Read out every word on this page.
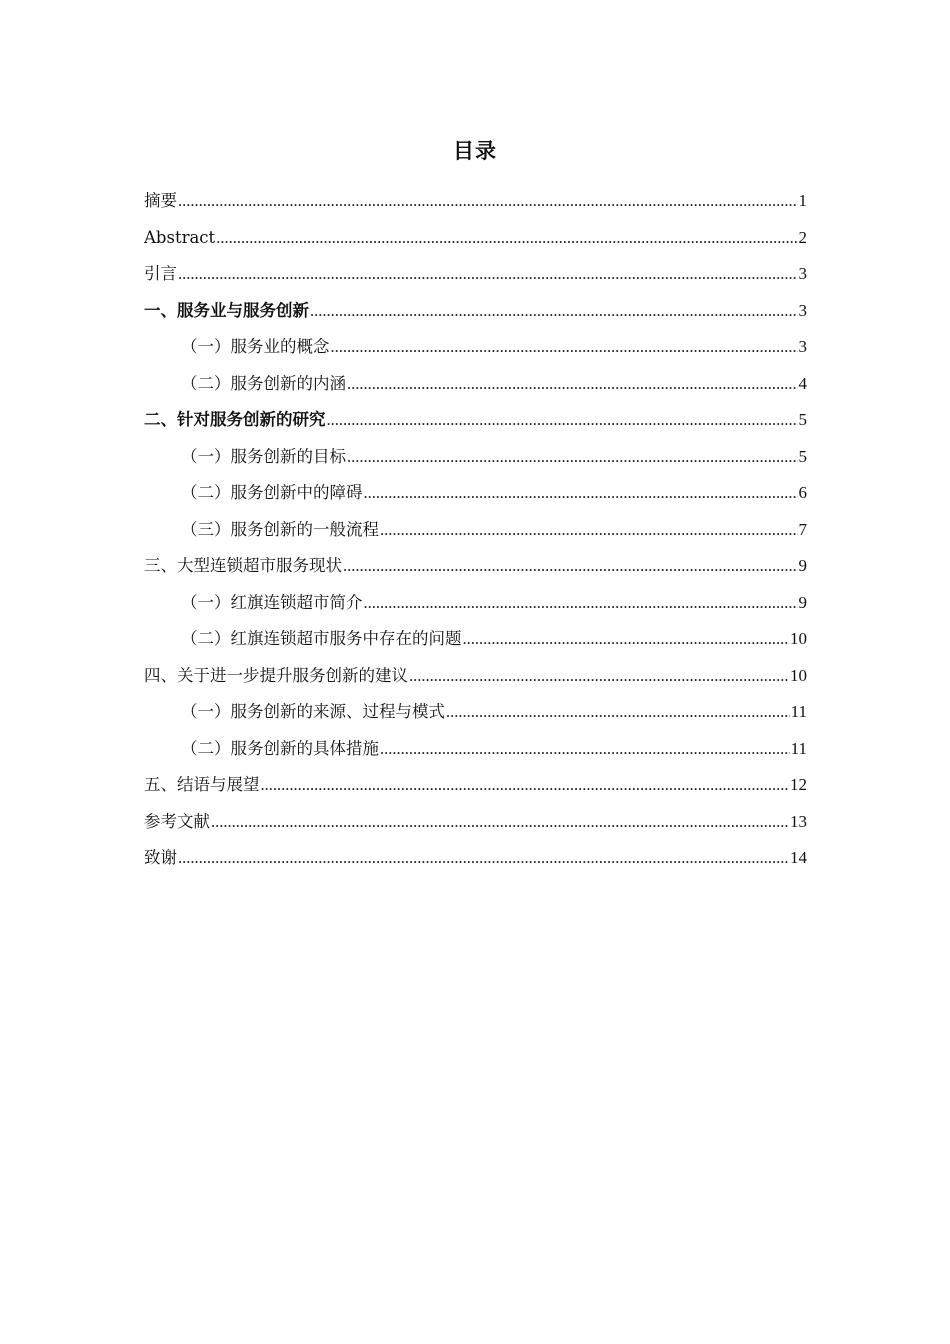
目录
摘要 .....	1
Abstract .....	2
引言 .....	3
一、服务业与服务创新 .....	3
（一）服务业的概念 .....	3
（二）服务创新的内涵 .....	4
二、针对服务创新的研究 .....	5
（一）服务创新的目标 .....	5
（二）服务创新中的障碍 .....	6
（三）服务创新的一般流程 .....	7
三、大型连锁超市服务现状 .....	9
（一）红旗连锁超市简介 .....	9
（二）红旗连锁超市服务中存在的问题 .....	10
四、关于进一步提升服务创新的建议 .....	10
（一）服务创新的来源、过程与模式 .....	11
（二）服务创新的具体措施 .....	11
五、结语与展望 .....	12
参考文献 .....	13
致谢 .....	14
